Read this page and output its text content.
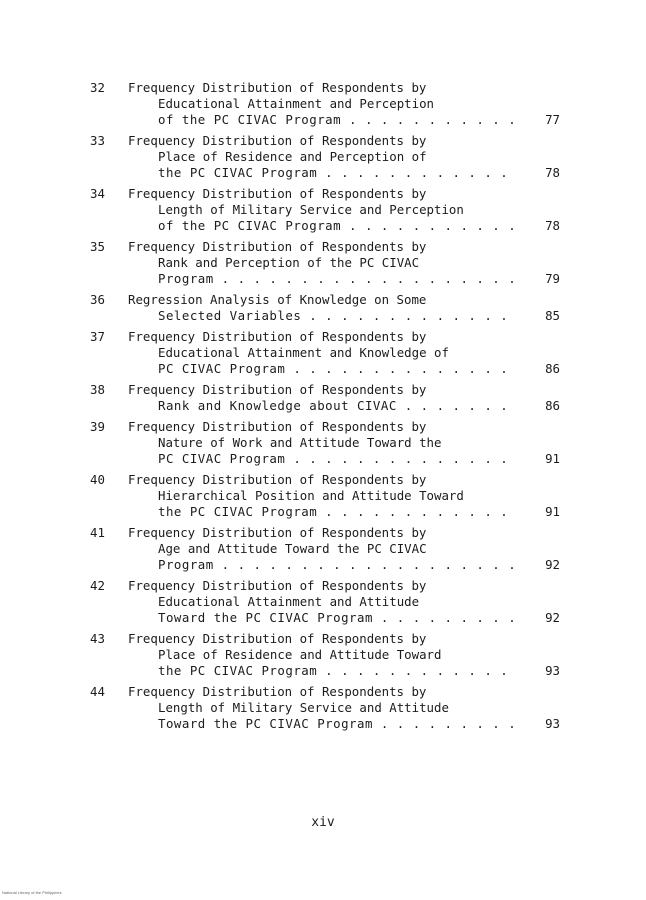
32	Frequency Distribution of Respondents by
Educational Attainment and Perception
of the PC CIVAC Program . . . . . . . . . . .	77
33	Frequency Distribution of Respondents by
Place of Residence and Perception of
the PC CIVAC Program . . . . . . . . . . . .	78
34	Frequency Distribution of Respondents by
Length of Military Service and Perception
of the PC CIVAC Program . . . . . . . . . . .	78
35	Frequency Distribution of Respondents by
Rank and Perception of the PC CIVAC
Program . . . . . . . . . . . . . . . . . . .	79
36	Regression Analysis of Knowledge on Some
Selected Variables . . . . . . . . . . . . .	85
37	Frequency Distribution of Respondents by
Educational Attainment and Knowledge of
PC CIVAC Program . . . . . . . . . . . . . .	86
38	Frequency Distribution of Respondents by
Rank and Knowledge about CIVAC . . . . . . .	86
39	Frequency Distribution of Respondents by
Nature of Work and Attitude Toward the
PC CIVAC Program . . . . . . . . . . . . . .	91
40	Frequency Distribution of Respondents by
Hierarchical Position and Attitude Toward
the PC CIVAC Program . . . . . . . . . . . .	91
41	Frequency Distribution of Respondents by
Age and Attitude Toward the PC CIVAC
Program . . . . . . . . . . . . . . . . . . .	92
42	Frequency Distribution of Respondents by
Educational Attainment and Attitude
Toward the PC CIVAC Program . . . . . . . . .	92
43	Frequency Distribution of Respondents by
Place of Residence and Attitude Toward
the PC CIVAC Program . . . . . . . . . . . .	93
44	Frequency Distribution of Respondents by
Length of Military Service and Attitude
Toward the PC CIVAC Program . . . . . . . . .	93
xiv
National Library of the Philippines
